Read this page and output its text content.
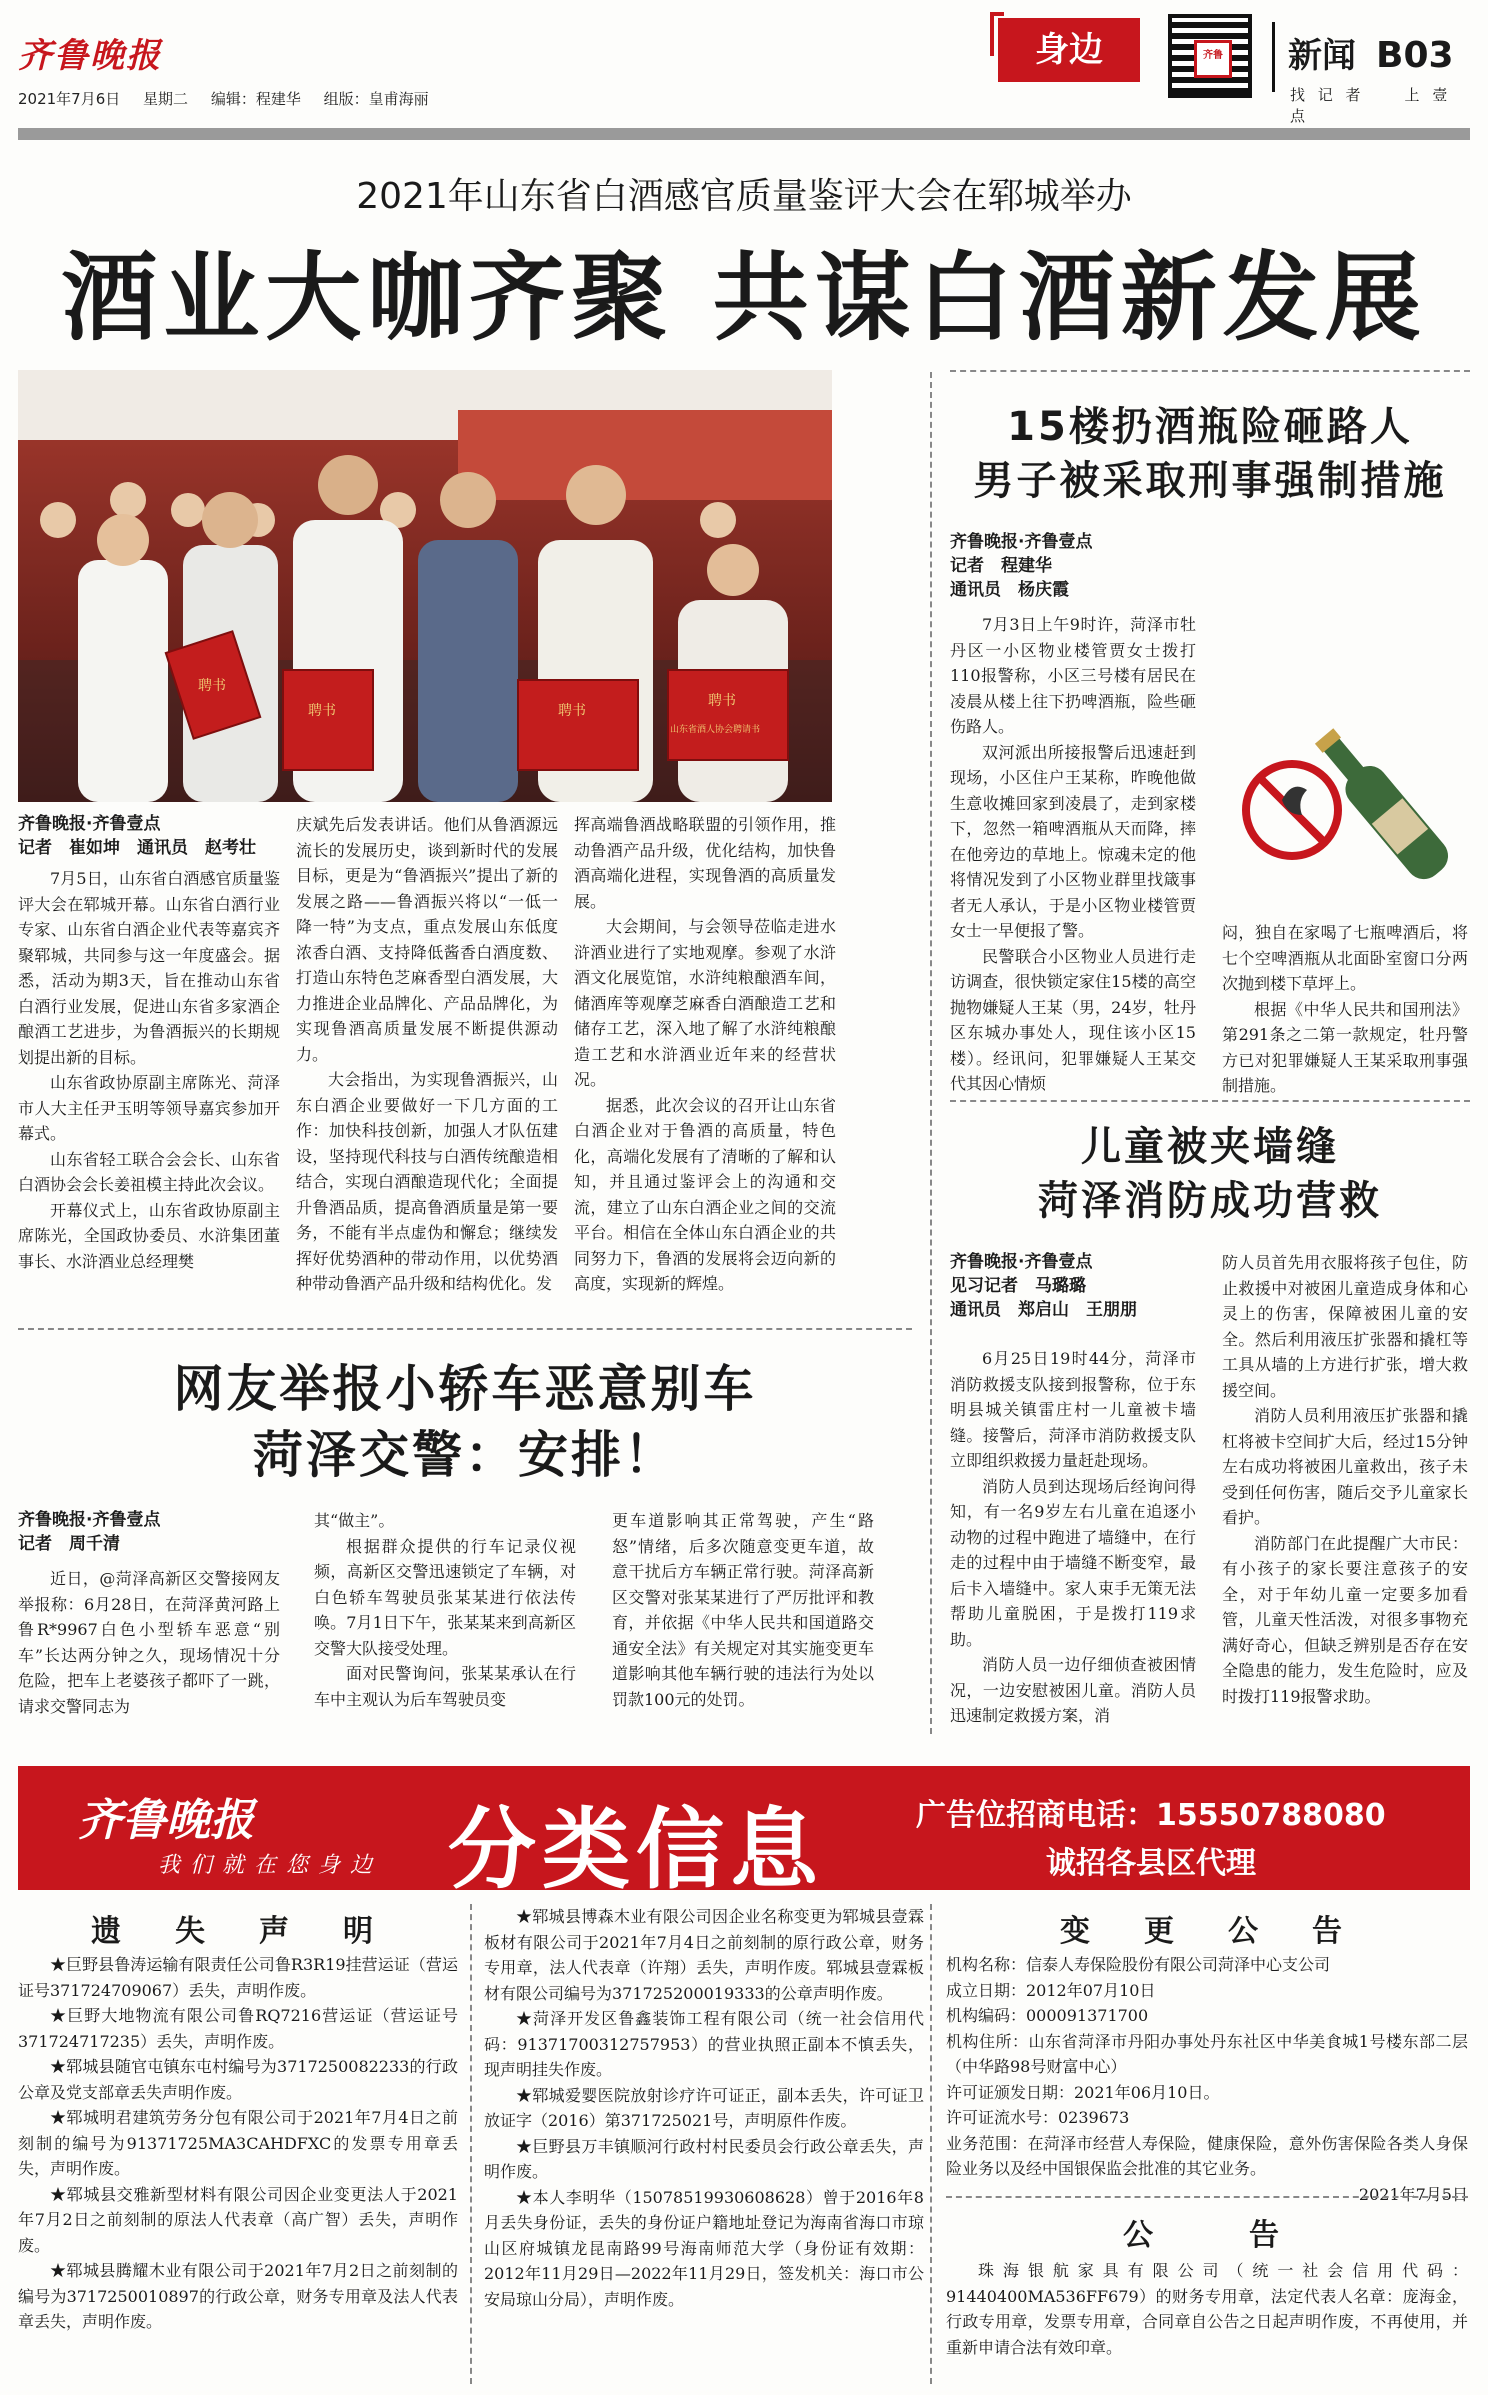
齐鲁晚报
2021年7月6日 星期二 编辑：程建华 组版：皇甫海丽
身边	齐鲁 新闻 B03
找 记 者	上 壹 点
2021年山东省白酒感官质量鉴评大会在郓城举办
酒业大咖齐聚 共谋白酒新发展
聘书	聘书
聘书
聘书
山东省酒人协会聘请书
齐鲁晚报·齐鲁壹点
记者　崔如坤　通讯员　赵考壮

7月5日，山东省白酒感官质量鉴评大会在郓城开幕。山东省白酒行业专家、山东省白酒企业代表等嘉宾齐聚郓城，共同参与这一年度盛会。据悉，活动为期3天，旨在推动山东省白酒行业发展，促进山东省多家酒企酿酒工艺进步，为鲁酒振兴的长期规划提出新的目标。

山东省政协原副主席陈光、菏泽市人大主任尹玉明等领导嘉宾参加开幕式。

山东省轻工联合会会长、山东省白酒协会会长姜祖模主持此次会议。

开幕仪式上，山东省政协原副主席陈光，全国政协委员、水浒集团董事长、水浒酒业总经理樊

庆斌先后发表讲话。他们从鲁酒源远流长的发展历史，谈到新时代的发展目标，更是为“鲁酒振兴”提出了新的发展之路——鲁酒振兴将以“一低一降一特”为支点，重点发展山东低度浓香白酒、支持降低酱香白酒度数、打造山东特色芝麻香型白酒发展，大力推进企业品牌化、产品品牌化，为实现鲁酒高质量发展不断提供源动力。

大会指出，为实现鲁酒振兴，山东白酒企业要做好一下几方面的工作：加快科技创新，加强人才队伍建设，坚持现代科技与白酒传统酿造相结合，实现白酒酿造现代化；全面提升鲁酒品质，提高鲁酒质量是第一要务，不能有半点虚伪和懈怠；继续发挥好优势酒种的带动作用，以优势酒种带动鲁酒产品升级和结构优化。发

挥高端鲁酒战略联盟的引领作用，推动鲁酒产品升级，优化结构，加快鲁酒高端化进程，实现鲁酒的高质量发展。

大会期间，与会领导莅临走进水浒酒业进行了实地观摩。参观了水浒酒文化展览馆，水浒纯粮酿酒车间，储酒库等观摩芝麻香白酒酿造工艺和储存工艺，深入地了解了水浒纯粮酿造工艺和水浒酒业近年来的经营状况。

据悉，此次会议的召开让山东省白酒企业对于鲁酒的高质量，特色化，高端化发展有了清晰的了解和认知，并且通过鉴评会上的沟通和交流，建立了山东白酒企业之间的交流平台。相信在全体山东白酒企业的共同努力下，鲁酒的发展将会迈向新的高度，实现新的辉煌。

15楼扔酒瓶险砸路人
男子被采取刑事强制措施
齐鲁晚报·齐鲁壹点
记者　程建华
通讯员　杨庆霞

7月3日上午9时许，菏泽市牡丹区一小区物业楼管贾女士拨打110报警称，小区三号楼有居民在凌晨从楼上往下扔啤酒瓶，险些砸伤路人。

双河派出所接报警后迅速赶到现场，小区住户王某称，昨晚他做生意收摊回家到凌晨了，走到家楼下，忽然一箱啤酒瓶从天而降，摔在他旁边的草地上。惊魂未定的他将情况发到了小区物业群里找箴事者无人承认，于是小区物业楼管贾女士一早便报了警。

民警联合小区物业人员进行走访调查，很快锁定家住15楼的高空抛物嫌疑人王某（男，24岁，牡丹区东城办事处人，现住该小区15楼）。经讯问，犯罪嫌疑人王某交代其因心情烦

闷，独自在家喝了七瓶啤酒后，将七个空啤酒瓶从北面卧室窗口分两次抛到楼下草坪上。

根据《中华人民共和国刑法》第291条之二第一款规定，牡丹警方已对犯罪嫌疑人王某采取刑事强制措施。

儿童被夹墙缝
菏泽消防成功营救
齐鲁晚报·齐鲁壹点
见习记者　马璐璐
通讯员　郑启山　王朋朋

6月25日19时44分，菏泽市消防救援支队接到报警称，位于东明县城关镇雷庄村一儿童被卡墙缝。接警后，菏泽市消防救援支队立即组织救援力量赶赴现场。

消防人员到达现场后经询问得知，有一名9岁左右儿童在追逐小动物的过程中跑进了墙缝中，在行走的过程中由于墙缝不断变窄，最后卡入墙缝中。家人束手无策无法帮助儿童脱困，于是拨打119求助。

消防人员一边仔细侦查被困情况，一边安慰被困儿童。消防人员迅速制定救援方案，消

防人员首先用衣服将孩子包住，防止救援中对被困儿童造成身体和心灵上的伤害，保障被困儿童的安全。然后利用液压扩张器和撬杠等工具从墙的上方进行扩张，增大救援空间。

消防人员利用液压扩张器和撬杠将被卡空间扩大后，经过15分钟左右成功将被困儿童救出，孩子未受到任何伤害，随后交予儿童家长看护。

消防部门在此提醒广大市民：有小孩子的家长要注意孩子的安全，对于年幼儿童一定要多加看管，儿童天性活泼，对很多事物充满好奇心，但缺乏辨别是否存在安全隐患的能力，发生危险时，应及时拨打119报警求助。

网友举报小轿车恶意别车
菏泽交警：安排！
齐鲁晚报·齐鲁壹点
记者　周千清

近日，@菏泽高新区交警接网友举报称：6月28日，在菏泽黄河路上鲁R*9967白色小型轿车恶意“别车”长达两分钟之久，现场情况十分危险，把车上老婆孩子都吓了一跳，请求交警同志为

其“做主”。

根据群众提供的行车记录仪视频，高新区交警迅速锁定了车辆，对白色轿车驾驶员张某某进行依法传唤。7月1日下午，张某某来到高新区交警大队接受处理。

面对民警询问，张某某承认在行车中主观认为后车驾驶员变

更车道影响其正常驾驶，产生“路怒”情绪，后多次随意变更车道，故意干扰后方车辆正常行驶。菏泽高新区交警对张某某进行了严厉批评和教育，并依据《中华人民共和国道路交通安全法》有关规定对其实施变更车道影响其他车辆行驶的违法行为处以罚款100元的处罚。

齐鲁晚报
我们就在您身边 分类信息	广告位招商电话：15550788080
诚招各县区代理
遗　失　声　明

★巨野县鲁涛运输有限责任公司鲁R3R19挂营运证（营运证号371724709067）丢失，声明作废。

★巨野大地物流有限公司鲁RQ7216营运证（营运证号371724717235）丢失，声明作废。

★郓城县随官屯镇东屯村编号为3717250082233的行政公章及党支部章丢失声明作废。

★郓城明君建筑劳务分包有限公司于2021年7月4日之前刻制的编号为91371725MA3CAHDFXC的发票专用章丢失，声明作废。

★郓城县交雅新型材料有限公司因企业变更法人于2021年7月2日之前刻制的原法人代表章（高广智）丢失，声明作废。

★郓城县腾耀木业有限公司于2021年7月2日之前刻制的编号为3717250010897的行政公章，财务专用章及法人代表章丢失，声明作废。

★郓城县博森木业有限公司因企业名称变更为郓城县壹霖板材有限公司于2021年7月4日之前刻制的原行政公章，财务专用章，法人代表章（许翔）丢失，声明作废。郓城县壹霖板材有限公司编号为3717252000193​33的公章声明作废。

★菏泽开发区鲁鑫装饰工程有限公司（统一社会信用代码：91371700312757953）的营业执照正副本不慎丢失，现声明挂失作废。

★郓城爱婴医院放射诊疗许可证正，副本丢失，许可证卫放证字（2016）第371725021号，声明原件作废。

★巨野县万丰镇顺河行政村村民委员会行政公章丢失，声明作废。

★本人李明华（15078519930608628）曾于2016年8月丢失身份证，丢失的身份证户籍地址登记为海南省海口市琼山区府城镇龙昆南路99号海南师范大学（身份证有效期：2012年11月29日—2022年11月29日，签发机关：海口市公安局琼山分局），声明作废。

变　更　公　告
机构名称：信泰人寿保险股份有限公司菏泽中心支公司
成立日期：2012年07月10日
机构编码：000091371700
机构住所：山东省菏泽市丹阳办事处丹东社区中华美食城1号楼东部二层（中华路98号财富中心）
许可证颁发日期：2021年06月10日。
许可证流水号：0239673
业务范围：在菏泽市经营人寿保险，健康保险，意外伤害保险各类人身保险业务以及经中国银保监会批准的其它业务。
2021年7月5日
公　　告

珠海银航家具有限公司（统一社会信用代码：91440400MA536FF679）的财务专用章，法定代表人名章：庞海金，行政专用章，发票专用章，合同章自公告之日起声明作废，不再使用，并重新申请合法有效印章。
